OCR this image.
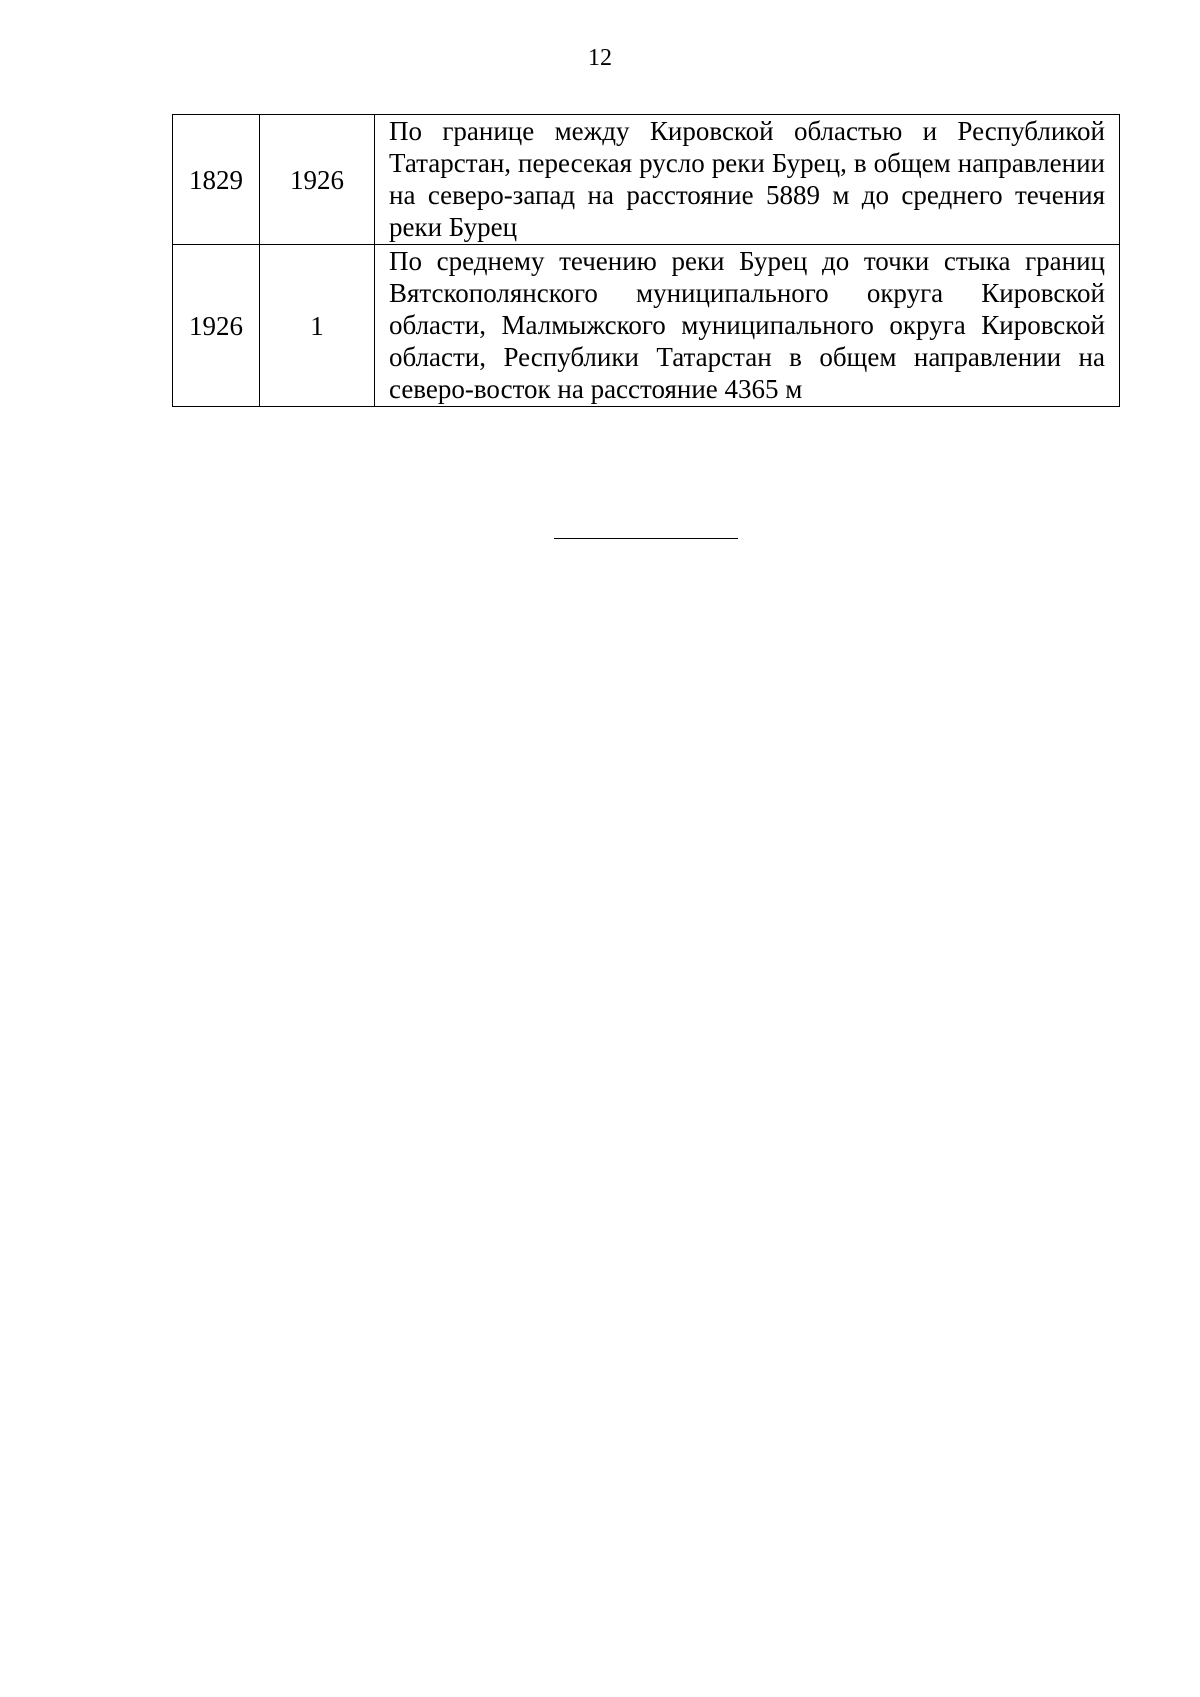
12
1829	1926	По границе между Кировской областью и Республикой Татарстан, пересекая русло реки Бурец, в общем направлении на северо-запад на расстояние 5889 м до среднего течения реки Бурец
1926	1	По среднему течению реки Бурец до точки стыка границ Вятскополянского муниципального округа Кировской области, Малмыжского муниципального округа Кировской области, Республики Татарстан в общем направлении на северо-восток на расстояние 4365 м
